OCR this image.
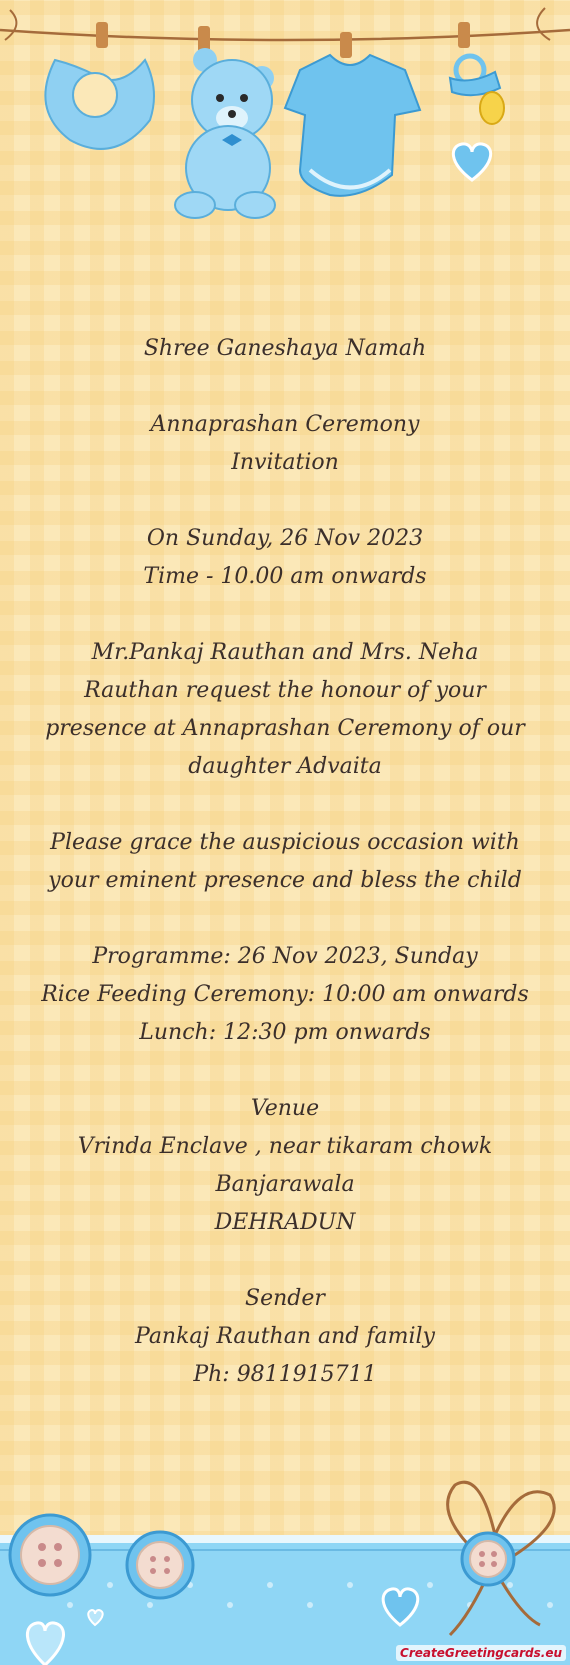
Shree Ganeshaya Namah
Annaprashan Ceremony
Invitation
On Sunday, 26 Nov 2023
Time - 10.00 am onwards
Mr.Pankaj Rauthan and Mrs. Neha
Rauthan request the honour of your
presence at Annaprashan Ceremony of our
daughter Advaita
Please grace the auspicious occasion with
your eminent presence and bless the child
Programme: 26 Nov 2023, Sunday
Rice Feeding Ceremony: 10:00 am onwards
Lunch: 12:30 pm onwards
Venue
Vrinda Enclave , near tikaram chowk
Banjarawala
DEHRADUN
Sender
Pankaj Rauthan and family
Ph: 9811915711
CreateGreetingcards.eu
